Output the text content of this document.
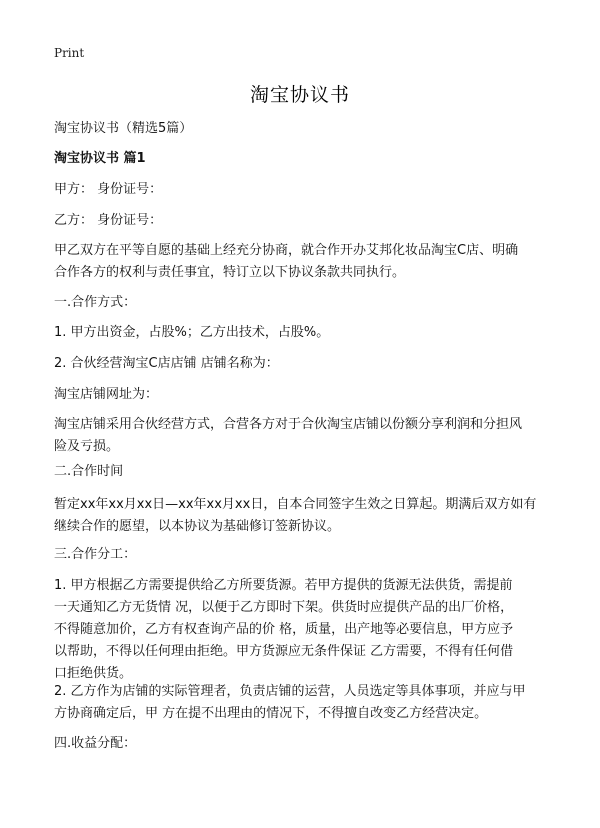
Print
淘宝协议书
淘宝协议书（精选5篇）
淘宝协议书 篇1
甲方： 身份证号：
乙方： 身份证号：
甲乙双方在平等自愿的基础上经充分协商，就合作开办艾邦化妆品淘宝C店、明确
合作各方的权利与责任事宜，特订立以下协议条款共同执行。
一.合作方式：
1. 甲方出资金，占股%；乙方出技术，占股%。
2. 合伙经营淘宝C店店铺 店铺名称为：
淘宝店铺网址为：
淘宝店铺采用合伙经营方式，合营各方对于合伙淘宝店铺以份额分享利润和分担风
险及亏损。
二.合作时间
暂定xx年xx月xx日—xx年xx月xx日，自本合同签字生效之日算起。期满后双方如有
继续合作的愿望，以本协议为基础修订签新协议。
三.合作分工：
1. 甲方根据乙方需要提供给乙方所要货源。若甲方提供的货源无法供货，需提前
一天通知乙方无货情 况，以便于乙方即时下架。供货时应提供产品的出厂价格，
不得随意加价，乙方有权查询产品的价 格，质量，出产地等必要信息，甲方应予
以帮助，不得以任何理由拒绝。甲方货源应无条件保证 乙方需要，不得有任何借
口拒绝供货。
2. 乙方作为店铺的实际管理者，负责店铺的运营，人员选定等具体事项，并应与甲
方协商确定后，甲 方在提不出理由的情况下，不得擅自改变乙方经营决定。
四.收益分配：
